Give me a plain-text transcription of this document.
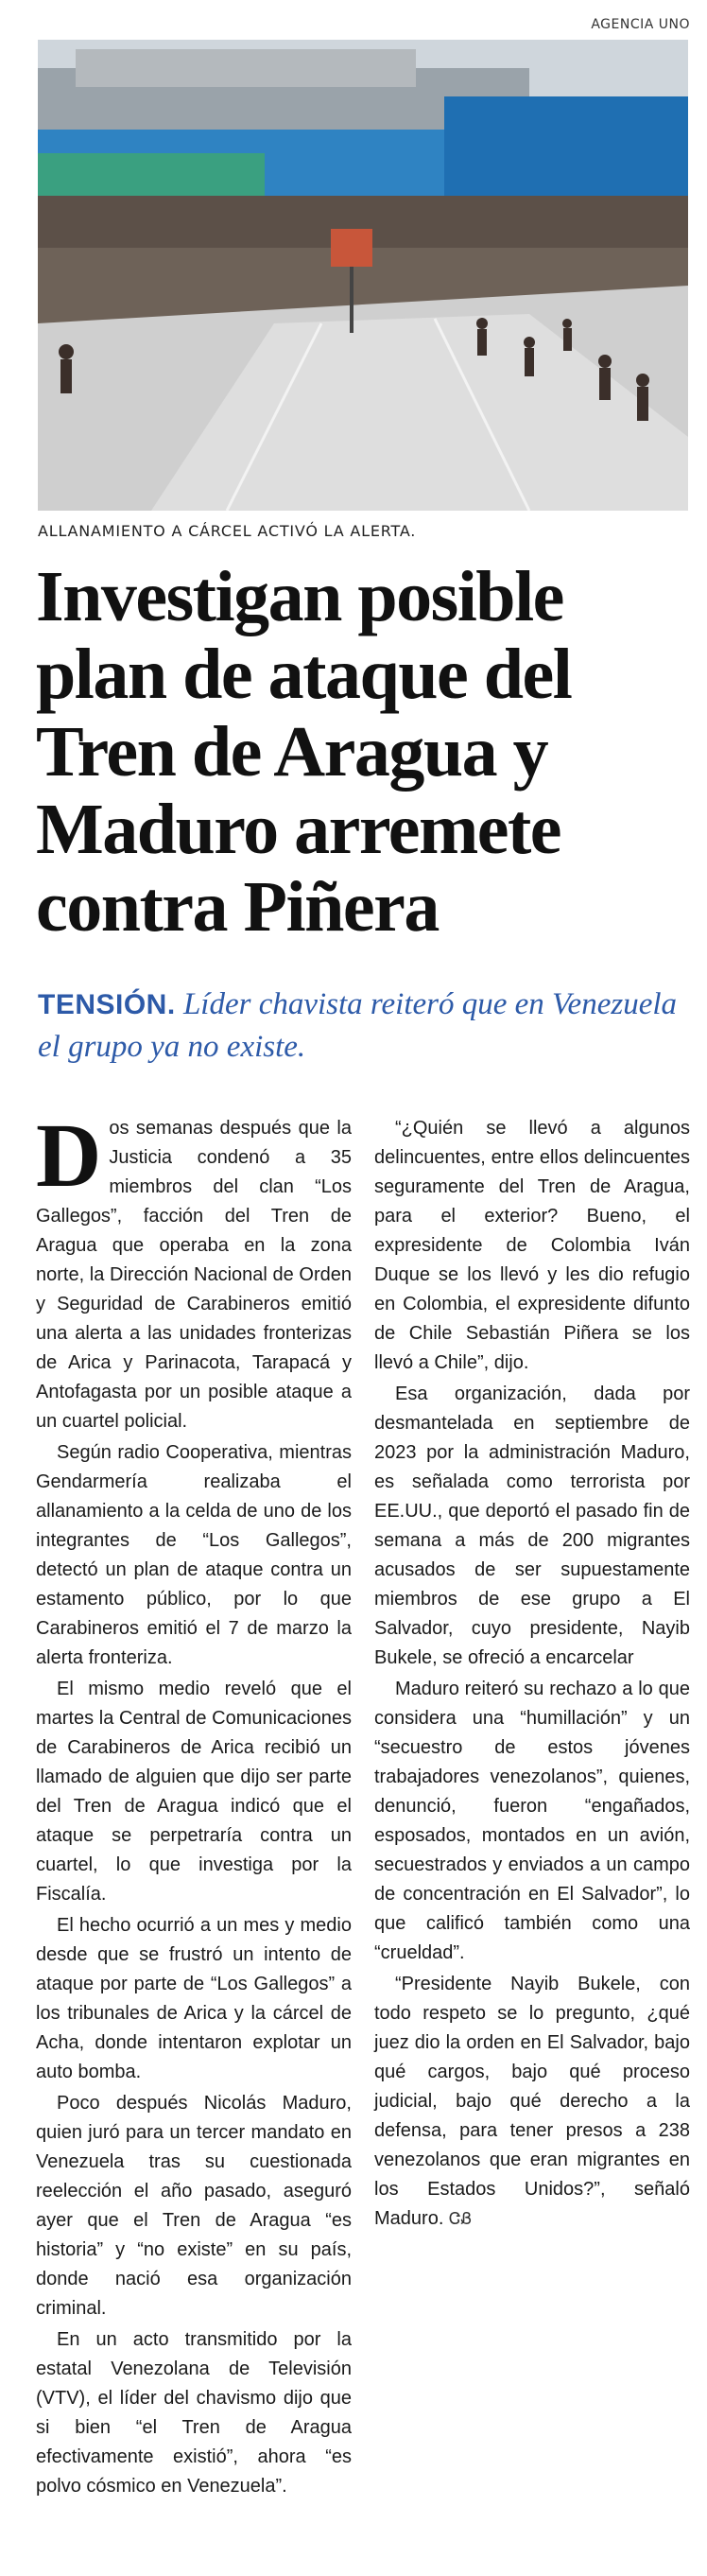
AGENCIA UNO
ALLANAMIENTO A CÁRCEL ACTIVÓ LA ALERTA.
Investigan posible plan de ataque del Tren de Aragua y Maduro arremete contra Piñera
TENSIÓN. Líder chavista reiteró que en Venezuela el grupo ya no existe.

Dos semanas después que la Justicia condenó a 35 miembros del clan “Los Gallegos”, facción del Tren de Aragua que operaba en la zona norte, la Dirección Nacional de Orden y Seguridad de Carabineros emitió una alerta a las unidades fronterizas de Arica y Parinacota, Tarapacá y Antofagasta por un posible ataque a un cuartel policial.

Según radio Cooperativa, mientras Gendarmería realizaba el allanamiento a la celda de uno de los integrantes de “Los Gallegos”, detectó un plan de ataque contra un estamento público, por lo que Carabineros emitió el 7 de marzo la alerta fronteriza.

El mismo medio reveló que el martes la Central de Comunicaciones de Carabineros de Arica recibió un llamado de alguien que dijo ser parte del Tren de Aragua indicó que el ataque se perpetraría contra un cuartel, lo que investiga por la Fiscalía.

El hecho ocurrió a un mes y medio desde que se frustró un intento de ataque por parte de “Los Gallegos” a los tribunales de Arica y la cárcel de Acha, donde intentaron explotar un auto bomba.

Poco después Nicolás Maduro, quien juró para un tercer mandato en Venezuela tras su cuestionada reelección el año pasado, aseguró ayer que el Tren de Aragua “es historia” y “no existe” en su país, donde nació esa organización criminal.

En un acto transmitido por la estatal Venezolana de Televisión (VTV), el líder del chavismo dijo que si bien “el Tren de Aragua efectivamente existió”, ahora “es polvo cósmico en Venezuela”.

“¿Quién se llevó a algunos delincuentes, entre ellos delincuentes seguramente del Tren de Aragua, para el exterior? Bueno, el expresidente de Colombia Iván Duque se los llevó y les dio refugio en Colombia, el expresidente difunto de Chile Sebastián Piñera se los llevó a Chile”, dijo.

Esa organización, dada por desmantelada en septiembre de 2023 por la administración Maduro, es señalada como terrorista por EE.UU., que deportó el pasado fin de semana a más de 200 migrantes acusados de ser supuestamente miembros de ese grupo a El Salvador, cuyo presidente, Nayib Bukele, se ofreció a encarcelar

Maduro reiteró su rechazo a lo que considera una “humillación” y un “secuestro de estos jóvenes trabajadores venezolanos”, quienes, denunció, fueron “engañados, esposados, montados en un avión, secuestrados y enviados a un campo de concentración en El Salvador”, lo que calificó también como una “crueldad”.

“Presidente Nayib Bukele, con todo respeto se lo pregunto, ¿qué juez dio la orden en El Salvador, bajo qué cargos, bajo qué proceso judicial, bajo qué derecho a la defensa, para tener presos a 238 venezolanos que eran migrantes en los Estados Unidos?”, señaló Maduro. ᏣᏰ
